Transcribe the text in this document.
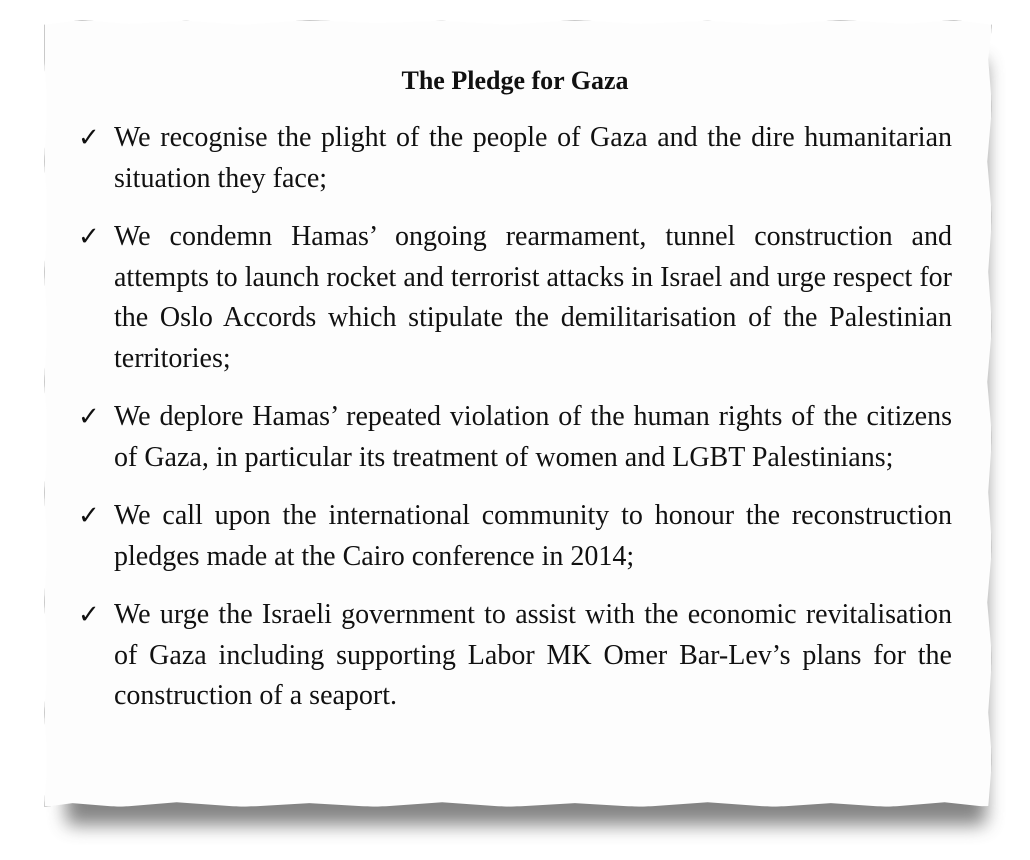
The Pledge for Gaza
✓ We recognise the plight of the people of Gaza and the dire humanitarian situation they face;
✓ We condemn Hamas’ ongoing rearmament, tunnel construction and attempts to launch rocket and terrorist attacks in Israel and urge respect for the Oslo Accords which stipulate the demilitarisation of the Palestinian territories;
✓ We deplore Hamas’ repeated violation of the human rights of the citizens of Gaza, in particular its treatment of women and LGBT Palestinians;
✓ We call upon the international community to honour the reconstruction pledges made at the Cairo conference in 2014;
✓ We urge the Israeli government to assist with the economic revitalisation of Gaza including supporting Labor MK Omer Bar-Lev’s plans for the construction of a seaport.
